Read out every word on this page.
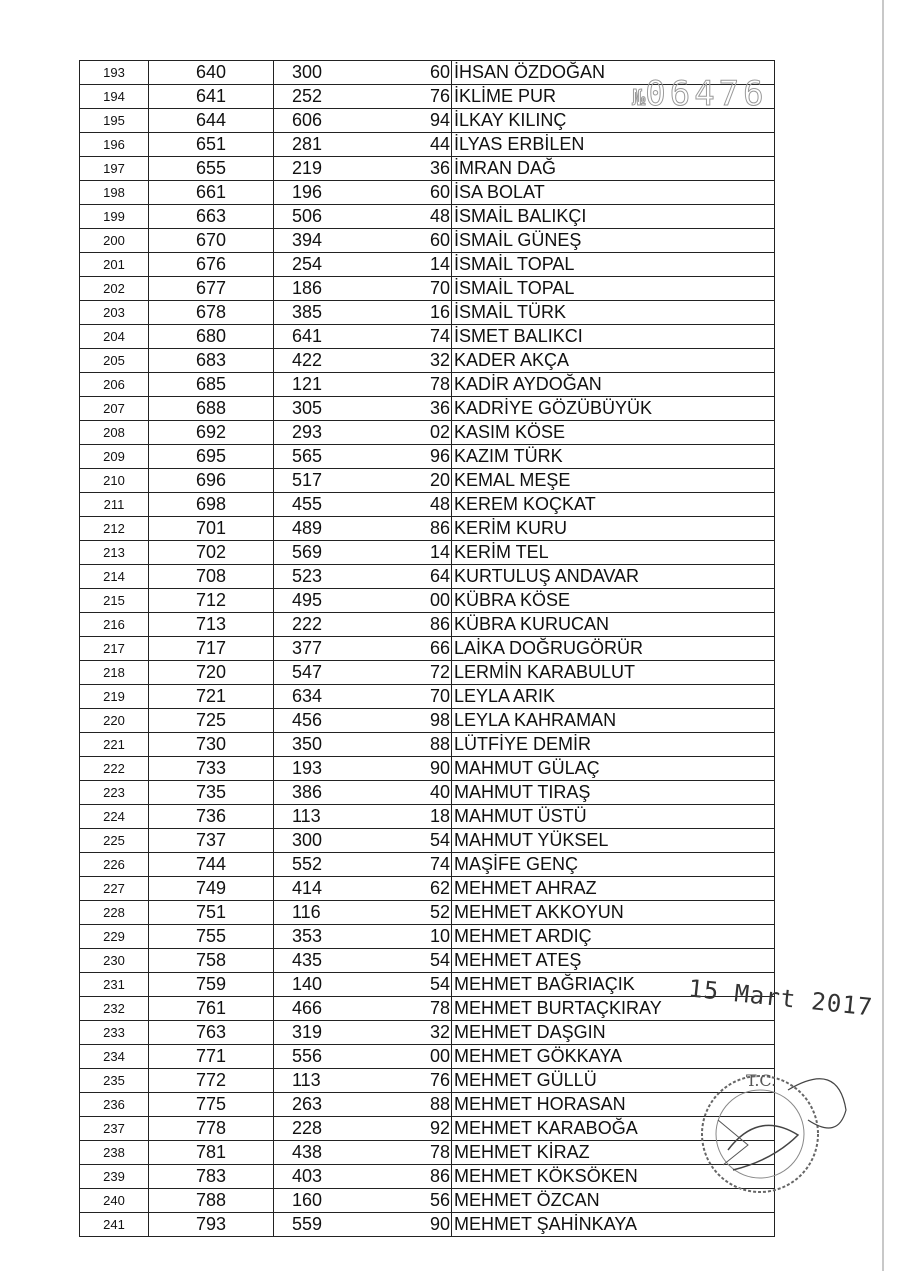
193	640	300		60	İHSAN ÖZDOĞAN
194	641	252		76	İKLİME PUR
195	644	606		94	İLKAY KILINÇ
196	651	281		44	İLYAS ERBİLEN
197	655	219		36	İMRAN DAĞ
198	661	196		60	İSA BOLAT
199	663	506		48	İSMAİL BALIKÇI
200	670	394		60	İSMAİL GÜNEŞ
201	676	254		14	İSMAİL TOPAL
202	677	186		70	İSMAİL TOPAL
203	678	385		16	İSMAİL TÜRK
204	680	641		74	İSMET BALIKCI
205	683	422		32	KADER AKÇA
206	685	121		78	KADİR AYDOĞAN
207	688	305		36	KADRİYE GÖZÜBÜYÜK
208	692	293		02	KASIM KÖSE
209	695	565		96	KAZIM TÜRK
210	696	517		20	KEMAL MEŞE
211	698	455		48	KEREM KOÇKAT
212	701	489		86	KERİM KURU
213	702	569		14	KERİM TEL
214	708	523		64	KURTULUŞ ANDAVAR
215	712	495		00	KÜBRA KÖSE
216	713	222		86	KÜBRA KURUCAN
217	717	377		66	LAİKA DOĞRUGÖRÜR
218	720	547		72	LERMİN KARABULUT
219	721	634		70	LEYLA ARIK
220	725	456		98	LEYLA KAHRAMAN
221	730	350		88	LÜTFİYE DEMİR
222	733	193		90	MAHMUT GÜLAÇ
223	735	386		40	MAHMUT TIRAŞ
224	736	113		18	MAHMUT ÜSTÜ
225	737	300		54	MAHMUT YÜKSEL
226	744	552		74	MAŞİFE GENÇ
227	749	414		62	MEHMET AHRAZ
228	751	116		52	MEHMET AKKOYUN
229	755	353		10	MEHMET ARDIÇ
230	758	435		54	MEHMET ATEŞ
231	759	140		54	MEHMET BAĞRIAÇIK
232	761	466		78	MEHMET BURTAÇKIRAY
233	763	319		32	MEHMET DAŞGIN
234	771	556		00	MEHMET GÖKKAYA
235	772	113		76	MEHMET GÜLLÜ
236	775	263		88	MEHMET HORASAN
237	778	228		92	MEHMET KARABOĞA
238	781	438		78	MEHMET KİRAZ
239	783	403		86	MEHMET KÖKSÖKEN
240	788	160		56	MEHMET ÖZCAN
241	793	559		90	MEHMET ŞAHİNKAYA
№06476
15 Mart 2017
T.C.
